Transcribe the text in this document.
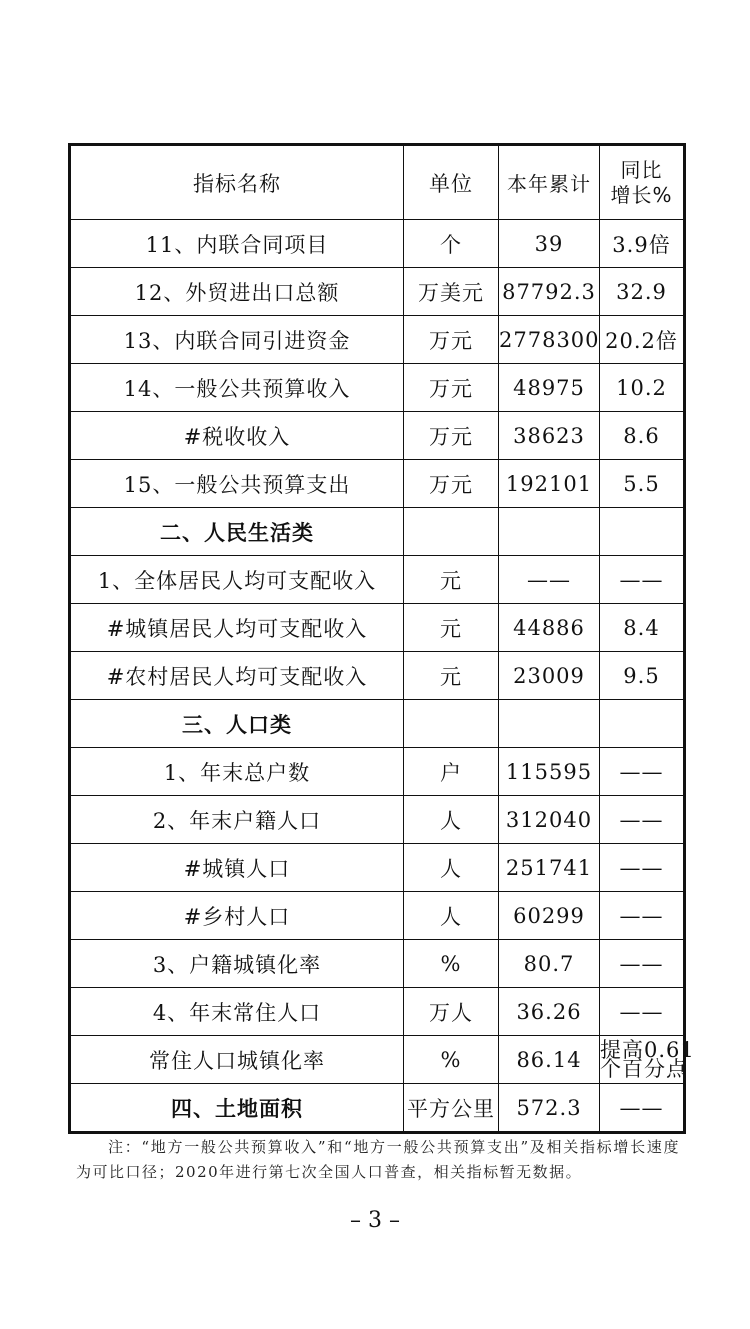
指标名称	单位	本年累计	同比
增长%

11、内联合同项目	个	39	3.9倍
12、外贸进出口总额	万美元	87792.3	32.9
13、内联合同引进资金	万元	2778300	20.2倍
14、一般公共预算收入	万元	48975	10.2
#税收收入	万元	38623	8.6
15、一般公共预算支出	万元	192101	5.5
二、人民生活类			
1、全体居民人均可支配收入	元	——	——
#城镇居民人均可支配收入	元	44886	8.4
#农村居民人均可支配收入	元	23009	9.5
三、人口类			
1、年末总户数	户	115595	——
2、年末户籍人口	人	312040	——
#城镇人口	人	251741	——
#乡村人口	人	60299	——
3、户籍城镇化率	%	80.7	——
4、年末常住人口	万人	36.26	——
常住人口城镇化率	%	86.14	提高0.61
个百分点

四、土地面积	平方公里	572.3	——
注：“地方一般公共预算收入”和“地方一般公共预算支出”及相关指标增长速度为可比口径；2020年进行第七次全国人口普查，相关指标暂无数据。
– 3 –
